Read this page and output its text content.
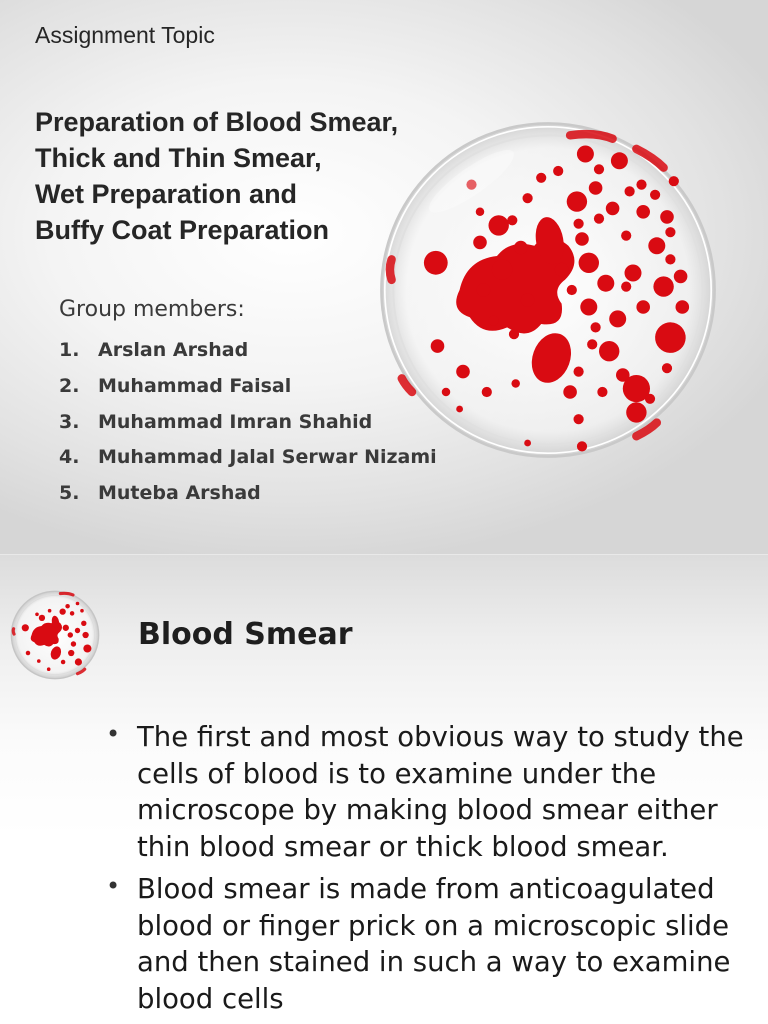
Assignment Topic
Preparation of Blood Smear,
Thick and Thin Smear,
Wet Preparation and
Buffy Coat Preparation
Group members:
1. Arslan Arshad
2. Muhammad Faisal
3. Muhammad Imran Shahid
4. Muhammad Jalal Serwar Nizami
5. Muteba Arshad
Blood Smear
• The first and most obvious way to study the cells of blood is to examine under the microscope by making blood smear either thin blood smear or thick blood smear.
• Blood smear is made from anticoagulated blood or finger prick on a microscopic slide and then stained in such a way to examine blood cells
